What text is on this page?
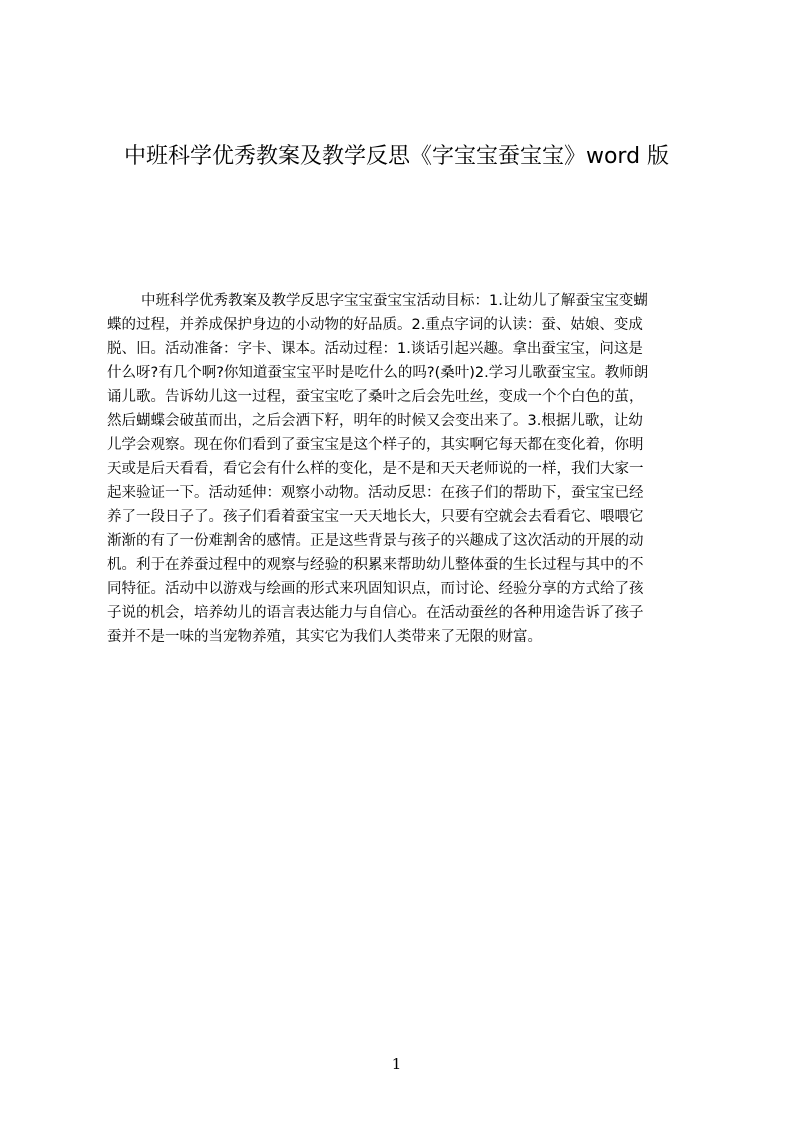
中班科学优秀教案及教学反思《字宝宝蚕宝宝》word 版
中班科学优秀教案及教学反思字宝宝蚕宝宝活动目标：1.让幼儿了解蚕宝宝变蝴
蝶的过程，并养成保护身边的小动物的好品质。2.重点字词的认读：蚕、姑娘、变成
脱、旧。活动准备：字卡、课本。活动过程：1.谈话引起兴趣。拿出蚕宝宝，问这是
什么呀?有几个啊?你知道蚕宝宝平时是吃什么的吗?(桑叶)2.学习儿歌蚕宝宝。教师朗
诵儿歌。告诉幼儿这一过程，蚕宝宝吃了桑叶之后会先吐丝，变成一个个白色的茧，
然后蝴蝶会破茧而出，之后会洒下籽，明年的时候又会变出来了。3.根据儿歌，让幼
儿学会观察。现在你们看到了蚕宝宝是这个样子的，其实啊它每天都在变化着，你明
天或是后天看看，看它会有什么样的变化，是不是和天天老师说的一样，我们大家一
起来验证一下。活动延伸：观察小动物。活动反思：在孩子们的帮助下，蚕宝宝已经
养了一段日子了。孩子们看着蚕宝宝一天天地长大，只要有空就会去看看它、喂喂它
渐渐的有了一份难割舍的感情。正是这些背景与孩子的兴趣成了这次活动的开展的动
机。利于在养蚕过程中的观察与经验的积累来帮助幼儿整体蚕的生长过程与其中的不
同特征。活动中以游戏与绘画的形式来巩固知识点，而讨论、经验分享的方式给了孩
子说的机会，培养幼儿的语言表达能力与自信心。在活动蚕丝的各种用途告诉了孩子
蚕并不是一味的当宠物养殖，其实它为我们人类带来了无限的财富。
1
